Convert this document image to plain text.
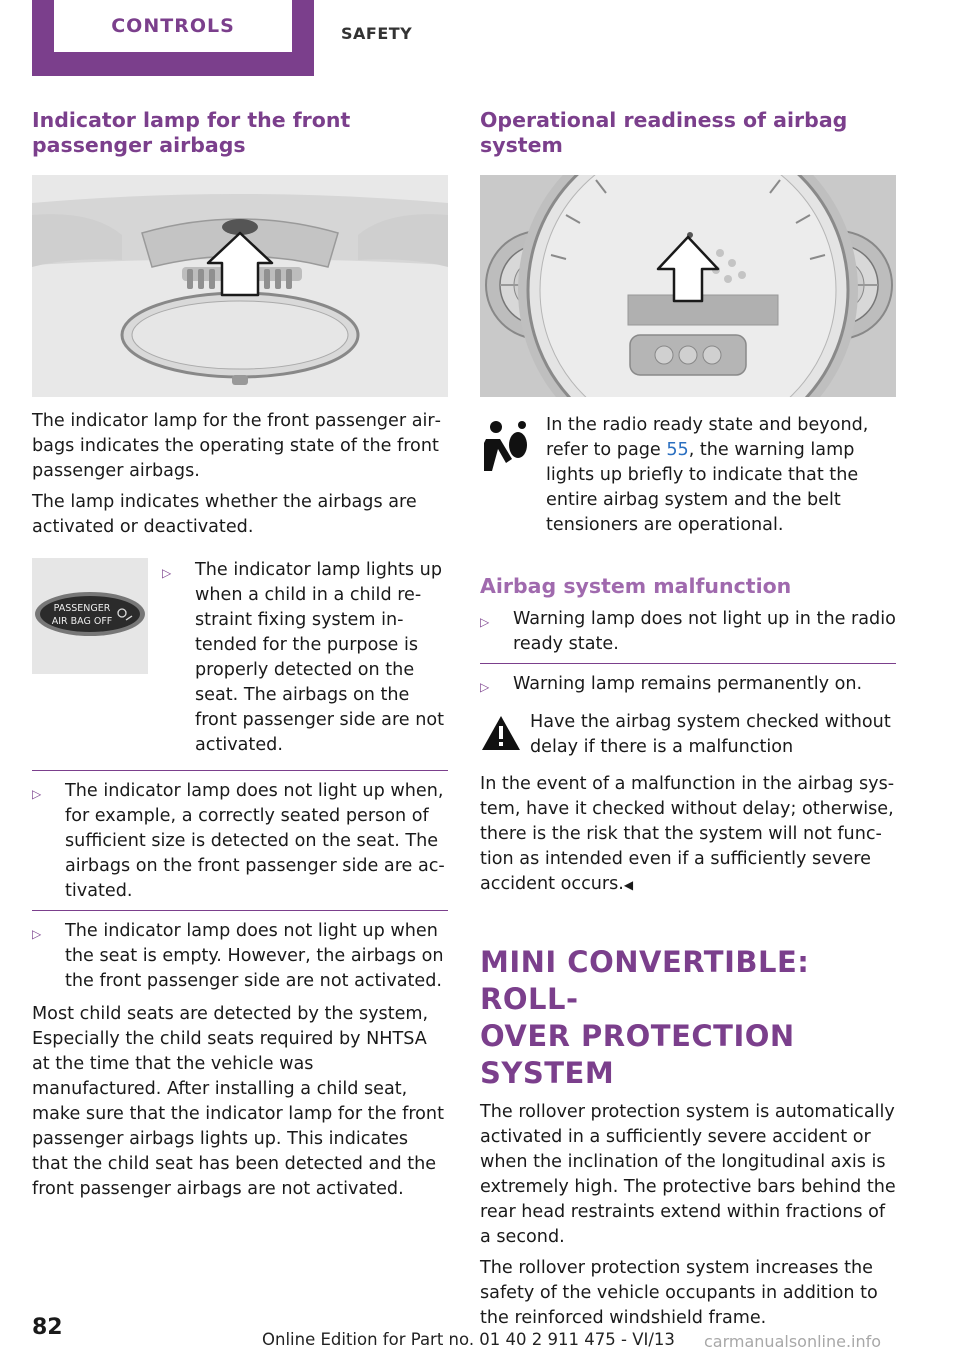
CONTROLS	SAFETY
Indicator lamp for the front passenger airbags

The indicator lamp for the front passenger airbags indicates the operating state of the front passenger airbags.

The lamp indicates whether the airbags are activated or deactivated.

PASSENGER
AIR BAG OFF
▷	The indicator lamp lights up when a child in a child restraint fixing system intended for the purpose is properly detected on the seat. The airbags on the front passenger side are not activated.
▷	The indicator lamp does not light up when, for example, a correctly seated person of sufficient size is detected on the seat. The airbags on the front passenger side are activated.
▷	The indicator lamp does not light up when the seat is empty. However, the airbags on the front passenger side are not activated.

Most child seats are detected by the system, Especially the child seats required by NHTSA at the time that the vehicle was manufactured. After installing a child seat, make sure that the indicator lamp for the front passenger airbags lights up. This indicates that the child seat has been detected and the front passenger airbags are not activated.

Operational readiness of airbag system

In the radio ready state and beyond, refer to page 55, the warning lamp lights up briefly to indicate that the entire airbag system and the belt tensioners are operational.

Airbag system malfunction
▷	Warning lamp does not light up in the radio ready state.
▷	Warning lamp remains permanently on.

Have the airbag system checked without delay if there is a malfunction

In the event of a malfunction in the airbag system, have it checked without delay; otherwise, there is the risk that the system will not function as intended even if a sufficiently severe accident occurs.◀

MINI CONVERTIBLE: ROLL-
OVER PROTECTION SYSTEM

The rollover protection system is automatically activated in a sufficiently severe accident or when the inclination of the longitudinal axis is extremely high. The protective bars behind the rear head restraints extend within fractions of a second.

The rollover protection system increases the safety of the vehicle occupants in addition to the reinforced windshield frame.

82	Online Edition for Part no. 01 40 2 911 475 - VI/13 carmanualsonline.info
